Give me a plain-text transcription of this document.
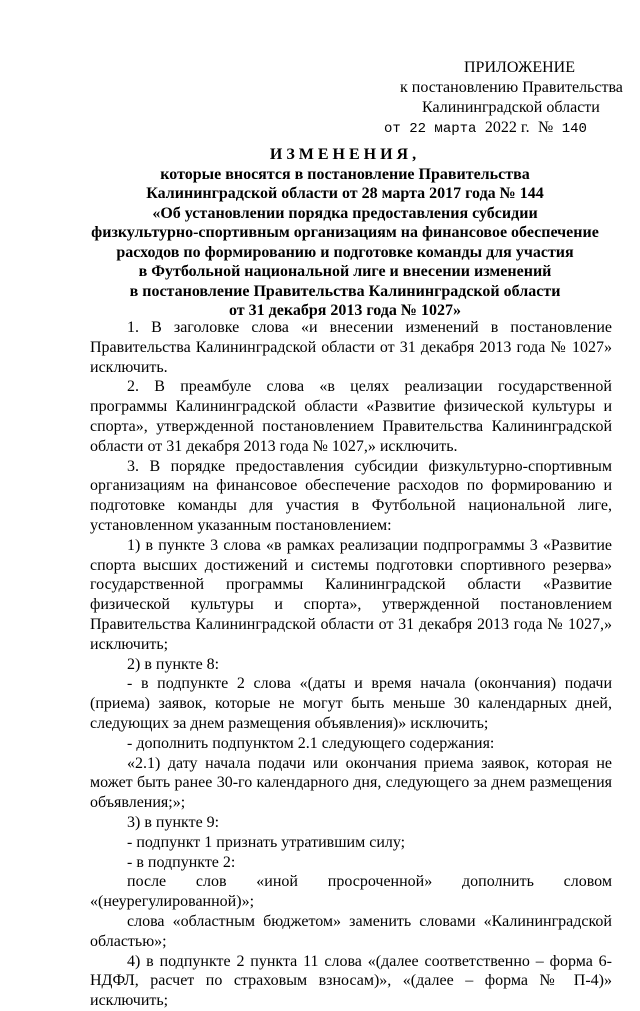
ПРИЛОЖЕНИЕ
к постановлению Правительства
Калининградской области
от 22 марта 2022 г. № 140
ИЗМЕНЕНИЯ,
которые вносятся в постановление Правительства
Калининградской области от 28 марта 2017 года № 144
«Об установлении порядка предоставления субсидии
физкультурно-спортивным организациям на финансовое обеспечение
расходов по формированию и подготовке команды для участия
в Футбольной национальной лиге и внесении изменений
в постановление Правительства Калининградской области
от 31 декабря 2013 года № 1027»

1. В заголовке слова «и внесении изменений в постановление Правительства Калининградской области от 31 декабря 2013 года № 1027» исключить.

2. В преамбуле слова «в целях реализации государственной программы Калининградской области «Развитие физической культуры и спорта», утвержденной постановлением Правительства Калининградской области от 31 декабря 2013 года № 1027,» исключить.

3. В порядке предоставления субсидии физкультурно-спортивным организациям на финансовое обеспечение расходов по формированию и подготовке команды для участия в Футбольной национальной лиге, установленном указанным постановлением:

1) в пункте 3 слова «в рамках реализации подпрограммы 3 «Развитие спорта высших достижений и системы подготовки спортивного резерва» государственной программы Калининградской области «Развитие физической культуры и спорта», утвержденной постановлением Правительства Калининградской области от 31 декабря 2013 года № 1027,» исключить;

2) в пункте 8:

- в подпункте 2 слова «(даты и время начала (окончания) подачи (приема) заявок, которые не могут быть меньше 30 календарных дней, следующих за днем размещения объявления)» исключить;

- дополнить подпунктом 2.1 следующего содержания:

«2.1) дату начала подачи или окончания приема заявок, которая не может быть ранее 30-го календарного дня, следующего за днем размещения объявления;»;

3) в пункте 9:

- подпункт 1 признать утратившим силу;

- в подпункте 2:

после слов «иной просроченной» дополнить словом «(неурегулированной)»;

слова «областным бюджетом» заменить словами «Калининградской областью»;

4) в подпункте 2 пункта 11 слова «(далее соответственно – форма 6-НДФЛ, расчет по страховым взносам)», «(далее – форма № П-4)» исключить;
